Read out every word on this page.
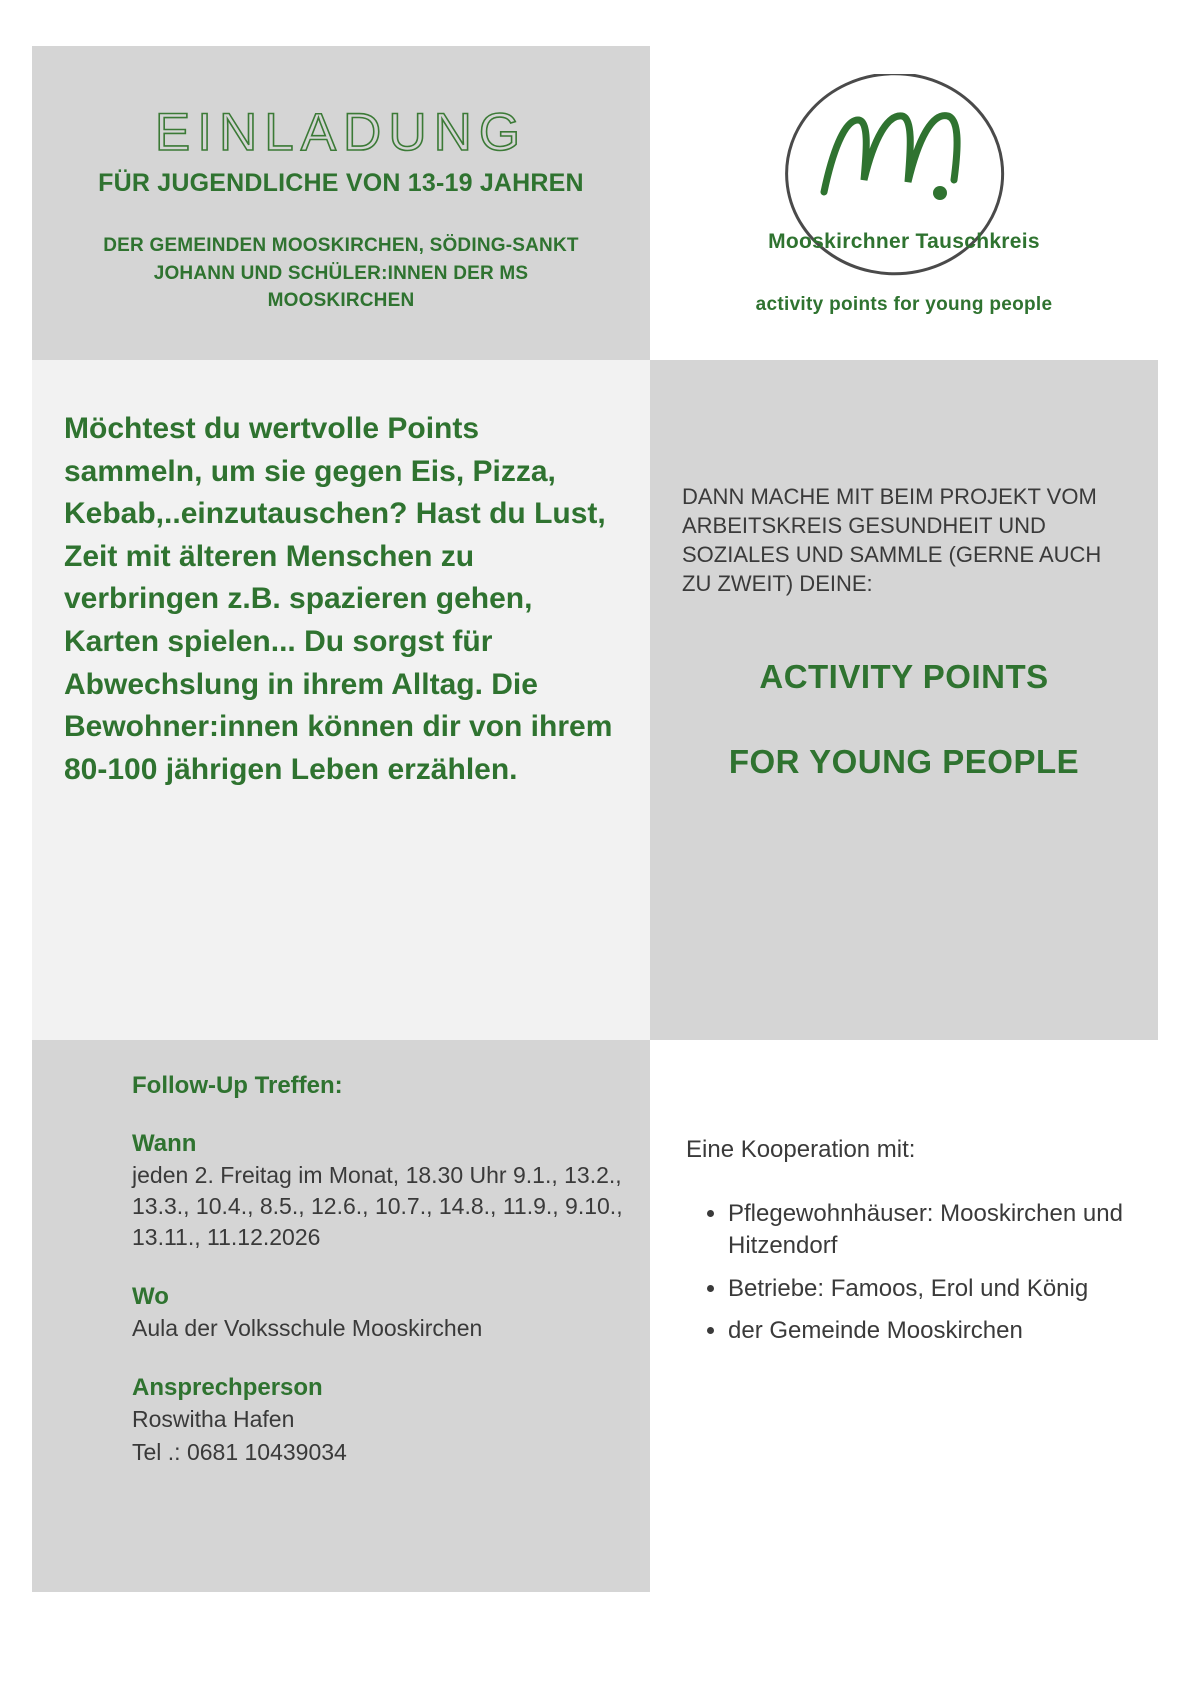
EINLADUNG

FÜR JUGENDLICHE VON 13-19 JAHREN

DER GEMEINDEN MOOSKIRCHEN, SÖDING-SANKT JOHANN UND SCHÜLER:INNEN DER MS MOOSKIRCHEN

Mooskirchner Tauschkreis
activity points for young people

Möchtest du wertvolle Points sammeln, um sie gegen Eis, Pizza, Kebab,..einzutauschen? Hast du Lust, Zeit mit älteren Menschen zu verbringen z.B. spazieren gehen, Karten spielen... Du sorgst für Abwechslung in ihrem Alltag. Die Bewohner:innen können dir von ihrem 80-100 jährigen Leben erzählen.

DANN MACHE MIT BEIM PROJEKT VOM ARBEITSKREIS GESUNDHEIT UND SOZIALES UND SAMMLE (GERNE AUCH ZU ZWEIT) DEINE:

ACTIVITY POINTS

FOR YOUNG PEOPLE

Follow-Up Treffen:

Wann

jeden 2. Freitag im Monat, 18.30 Uhr 9.1., 13.2., 13.3., 10.4., 8.5., 12.6., 10.7., 14.8., 11.9., 9.10., 13.11., 11.12.2026

Wo

Aula der Volksschule Mooskirchen

Ansprechperson

Roswitha Hafen

Tel .: 0681 10439034

Eine Kooperation mit:

• Pflegewohnhäuser: Mooskirchen und Hitzendorf
• Betriebe: Famoos, Erol und König
• der Gemeinde Mooskirchen
